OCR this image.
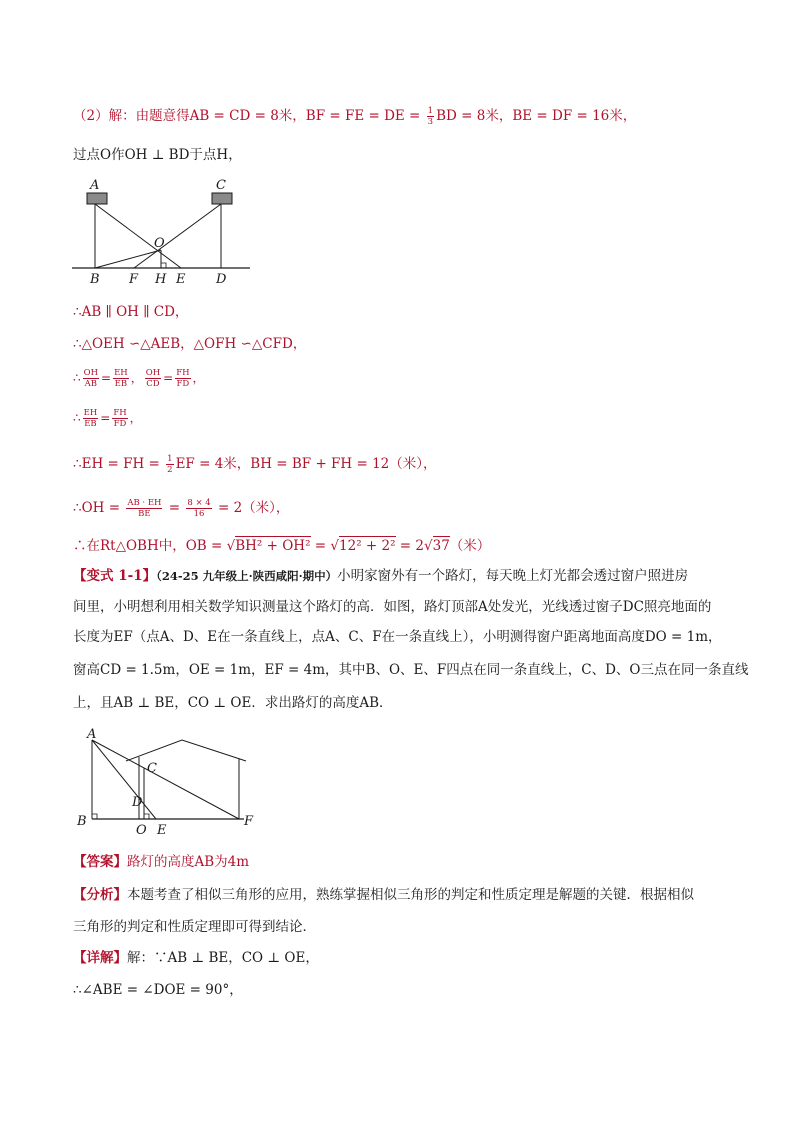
（2）解：由题意得AB = CD = 8米，BF = FE = DE = $\frac{1}{3}$ BD = 8米，BE = DF = 16米，
过点O作OH ⊥ BD于点H，
A	C
O
B F H E D
∴AB ∥ OH ∥ CD，
∴△OEH ∽△AEB，△OFH ∽△CFD，
∴ $\frac{OH}{AB} = \frac{EH}{EB}$ ， $\frac{OH}{CD} = \frac{FH}{FD}$ ，
∴ $\frac{EH}{EB} = \frac{FH}{FD}$ ，
∴EH = FH = $\frac{1}{2}$ EF = 4米，BH = BF + FH = 12（米），
∴OH = $\frac{AB \cdot EH}{BE} = \frac{8 \times 4}{16} = 2$（米），
∴在Rt△OBH中，OB = √BH² + OH² = √12² + 2² = 2√37（米）
【变式 1-1】（24-25 九年级上·陕西咸阳·期中）小明家窗外有一个路灯，每天晚上灯光都会透过窗户照进房
间里，小明想利用相关数学知识测量这个路灯的高．如图，路灯顶部A处发光，光线透过窗子DC照亮地面的
长度为EF（点A、D、E在一条直线上，点A、C、F在一条直线上），小明测得窗户距离地面高度DO = 1m，
窗高CD = 1.5m，OE = 1m，EF = 4m，其中B、O、E、F四点在同一条直线上，C、D、O三点在同一条直线
上，且AB ⊥ BE，CO ⊥ OE．求出路灯的高度AB．
A
C
D
B
O E
F
【答案】路灯的高度AB为4m
【分析】本题考查了相似三角形的应用，熟练掌握相似三角形的判定和性质定理是解题的关键．根据相似
三角形的判定和性质定理即可得到结论．
【详解】解：∵AB ⊥ BE，CO ⊥ OE，
∴∠ABE = ∠DOE = 90°，
